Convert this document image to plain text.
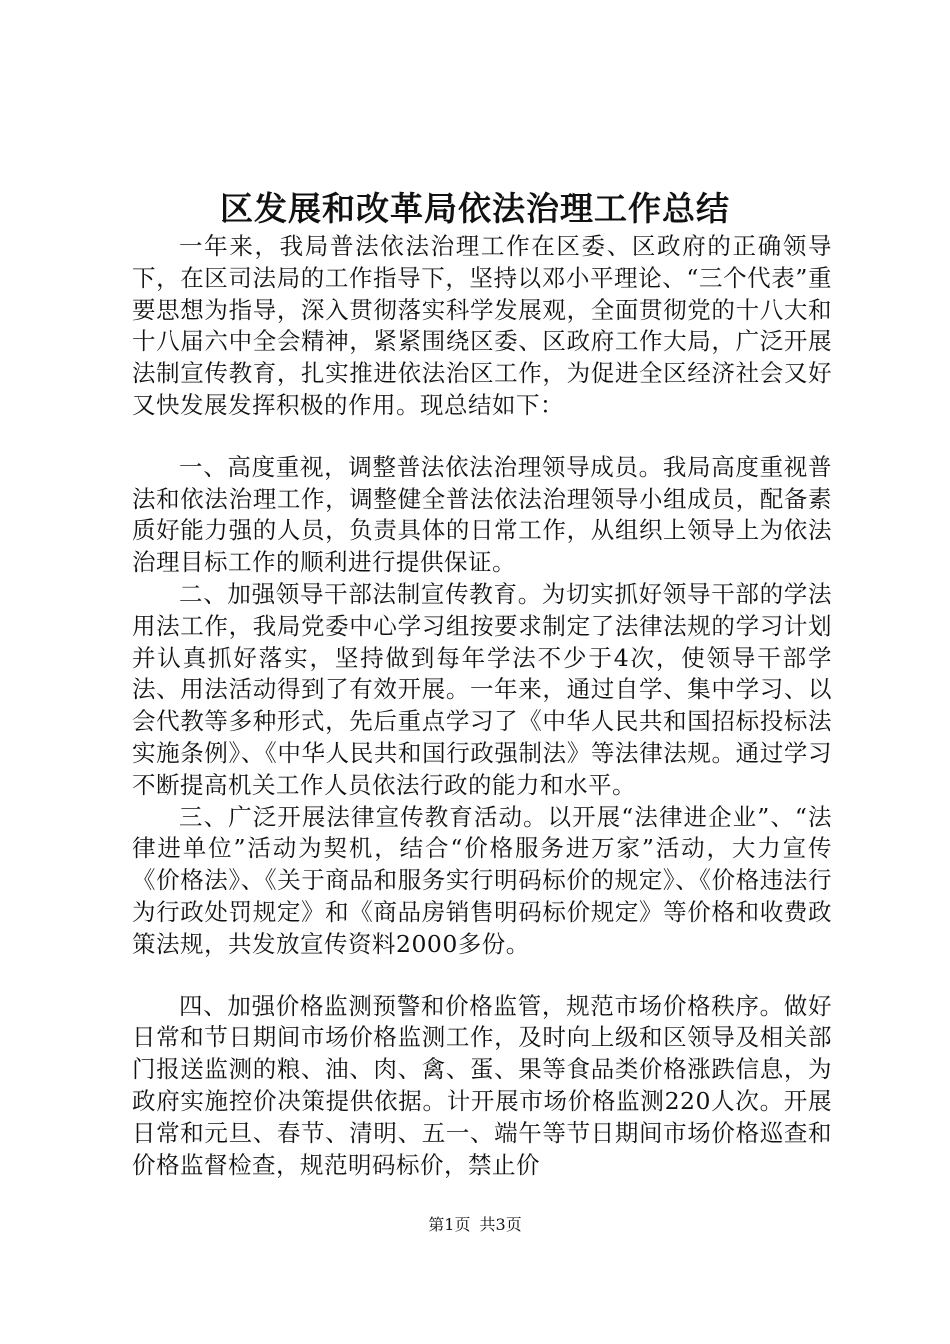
区发展和改革局依法治理工作总结

一年来，我局普法依法治理工作在区委、区政府的正确领导下，在区司法局的工作指导下，坚持以邓小平理论、“三个代表”重要思想为指导，深入贯彻落实科学发展观，全面贯彻党的十八大和十八届六中全会精神，紧紧围绕区委、区政府工作大局，广泛开展法制宣传教育，扎实推进依法治区工作，为促进全区经济社会又好又快发展发挥积极的作用。现总结如下：

一、高度重视，调整普法依法治理领导成员。我局高度重视普法和依法治理工作，调整健全普法依法治理领导小组成员，配备素质好能力强的人员，负责具体的日常工作，从组织上领导上为依法治理目标工作的顺利进行提供保证。

二、加强领导干部法制宣传教育。为切实抓好领导干部的学法用法工作，我局党委中心学习组按要求制定了法律法规的学习计划并认真抓好落实，坚持做到每年学法不少于4次，使领导干部学法、用法活动得到了有效开展。一年来，通过自学、集中学习、以会代教等多种形式，先后重点学习了《中华人民共和国招标投标法实施条例》、《中华人民共和国行政强制法》等法律法规。通过学习不断提高机关工作人员依法行政的能力和水平。

三、广泛开展法律宣传教育活动。以开展“法律进企业”、“法律进单位”活动为契机，结合“价格服务进万家”活动，大力宣传《价格法》、《关于商品和服务实行明码标价的规定》、《价格违法行为行政处罚规定》和《商品房销售明码标价规定》等价格和收费政策法规，共发放宣传资料2000多份。

四、加强价格监测预警和价格监管，规范市场价格秩序。做好日常和节日期间市场价格监测工作，及时向上级和区领导及相关部门报送监测的粮、油、肉、禽、蛋、果等食品类价格涨跌信息，为政府实施控价决策提供依据。计开展市场价格监测220人次。开展日常和元旦、春节、清明、五一、端午等节日期间市场价格巡查和价格监督检查，规范明码标价，禁止价

第1页 共3页
